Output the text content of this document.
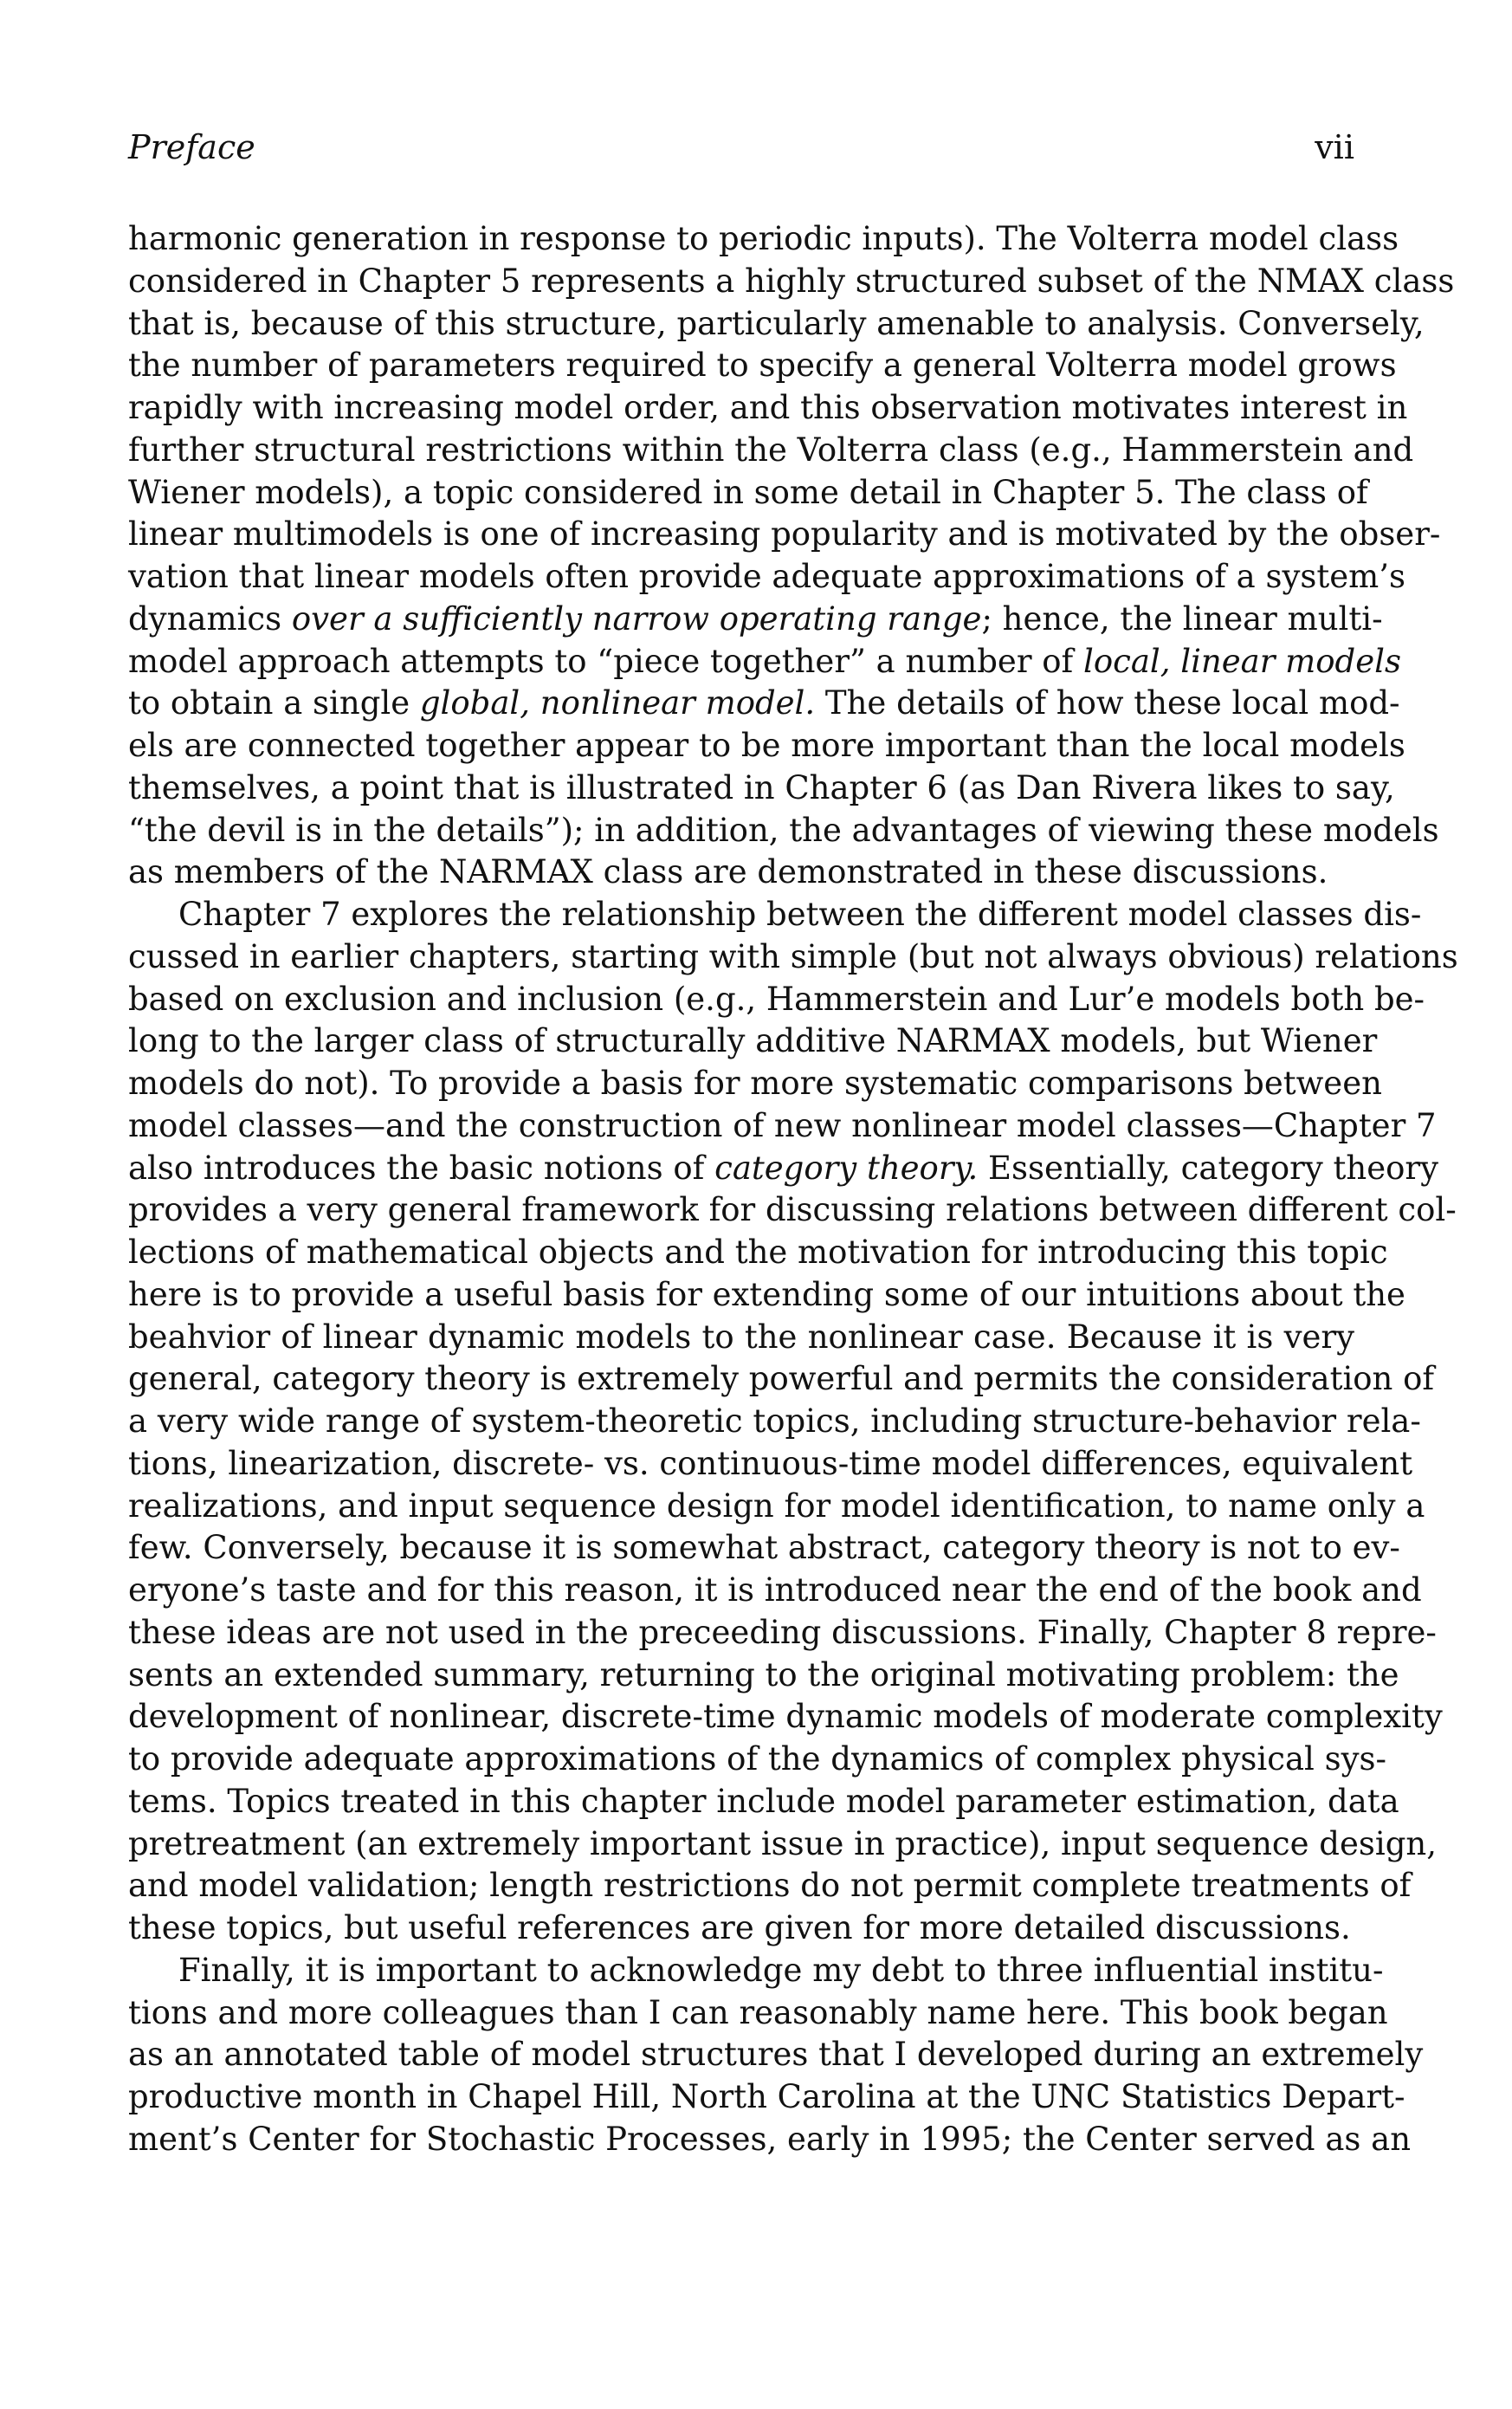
Preface	vii
harmonic generation in response to periodic inputs). The Volterra model class
considered in Chapter 5 represents a highly structured subset of the NMAX class
that is, because of this structure, particularly amenable to analysis. Conversely,
the number of parameters required to specify a general Volterra model grows
rapidly with increasing model order, and this observation motivates interest in
further structural restrictions within the Volterra class (e.g., Hammerstein and
Wiener models), a topic considered in some detail in Chapter 5. The class of
linear multimodels is one of increasing popularity and is motivated by the obser-
vation that linear models often provide adequate approximations of a system’s
dynamics over a sufficiently narrow operating range; hence, the linear multi-
model approach attempts to “piece together” a number of local, linear models
to obtain a single global, nonlinear model. The details of how these local mod-
els are connected together appear to be more important than the local models
themselves, a point that is illustrated in Chapter 6 (as Dan Rivera likes to say,
“the devil is in the details”); in addition, the advantages of viewing these models
as members of the NARMAX class are demonstrated in these discussions.
Chapter 7 explores the relationship between the different model classes dis-
cussed in earlier chapters, starting with simple (but not always obvious) relations
based on exclusion and inclusion (e.g., Hammerstein and Lur’e models both be-
long to the larger class of structurally additive NARMAX models, but Wiener
models do not). To provide a basis for more systematic comparisons between
model classes—and the construction of new nonlinear model classes—Chapter 7
also introduces the basic notions of category theory. Essentially, category theory
provides a very general framework for discussing relations between different col-
lections of mathematical objects and the motivation for introducing this topic
here is to provide a useful basis for extending some of our intuitions about the
beahvior of linear dynamic models to the nonlinear case. Because it is very
general, category theory is extremely powerful and permits the consideration of
a very wide range of system-theoretic topics, including structure-behavior rela-
tions, linearization, discrete- vs. continuous-time model differences, equivalent
realizations, and input sequence design for model identification, to name only a
few. Conversely, because it is somewhat abstract, category theory is not to ev-
eryone’s taste and for this reason, it is introduced near the end of the book and
these ideas are not used in the preceeding discussions. Finally, Chapter 8 repre-
sents an extended summary, returning to the original motivating problem: the
development of nonlinear, discrete-time dynamic models of moderate complexity
to provide adequate approximations of the dynamics of complex physical sys-
tems. Topics treated in this chapter include model parameter estimation, data
pretreatment (an extremely important issue in practice), input sequence design,
and model validation; length restrictions do not permit complete treatments of
these topics, but useful references are given for more detailed discussions.
Finally, it is important to acknowledge my debt to three influential institu-
tions and more colleagues than I can reasonably name here. This book began
as an annotated table of model structures that I developed during an extremely
productive month in Chapel Hill, North Carolina at the UNC Statistics Depart-
ment’s Center for Stochastic Processes, early in 1995; the Center served as an
